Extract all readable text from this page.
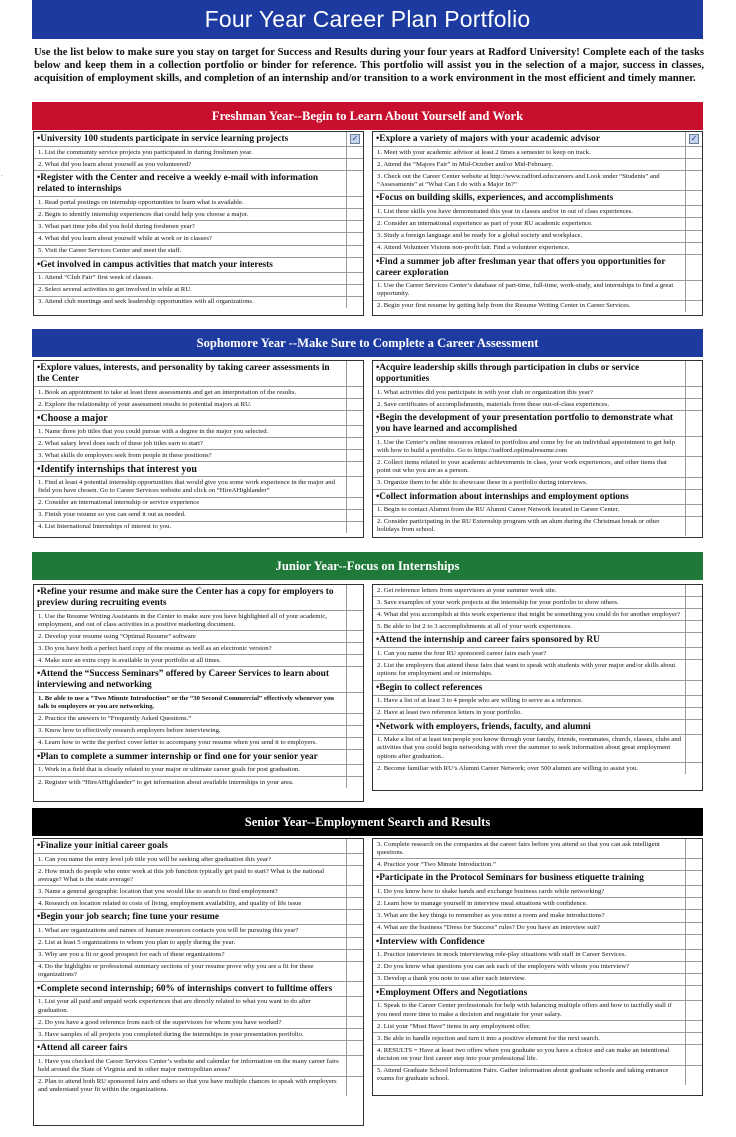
Four Year Career Plan Portfolio
Use the list below to make sure you stay on target for Success and Results during your four years at Radford University! Complete each of the tasks below and keep them in a collection portfolio or binder for reference. This portfolio will assist you in the selection of a major, success in classes, acquisition of employment skills, and completion of an internship and/or transition to a work environment in the most efficient and timely manner.
·
Freshman Year--Begin to Learn About Yourself and Work
•University 100 students participate in service learning projects	✓
1. List the community service projects you participated in during freshmen year.
2. What did you learn about yourself as you volunteered?
•Register with the Center and receive a weekly e-mail with information related to internships
1. Read portal postings on internship opportunities to learn what is available.
2. Begin to identify internship experiences that could help you choose a major.
3. What part time jobs did you hold during freshmen year?
4. What did you learn about yourself while at work or in classes?
5. Visit the Career Services Center and meet the staff.
•Get involved in campus activities that match your interests
1. Attend “Club Fair” first week of classes.
2. Select several activities to get involved in while at RU.
3. Attend club meetings and seek leadership opportunities with all organizations.
•Explore a variety of majors with your academic advisor	✓
1. Meet with your academic advisor at least 2 times a semester to keep on track.
2. Attend the “Majors Fair” in Mid-October and/or Mid-February.
3. Check out the Career Center website at http://www.radford.edu/careers and Look under “Students” and “Assessments” at “What Can I do with a Major In?”
•Focus on building skills, experiences, and accomplishments
1. List three skills you have demonstrated this year in classes and/or in out of class experiences.
2. Consider an international experience as part of your RU academic experience.
3. Study a foreign language and be ready for a global society and workplace.
4. Attend Volunteer Visions non-profit fair. Find a volunteer experience.
•Find a summer job after freshman year that offers you opportunities for career exploration
1. Use the Career Services Center’s database of part-time, full-time, work-study, and internships to find a great opportunity.
2. Begin your first resume by getting help from the Resume Writing Center in Career Services.
Sophomore Year --Make Sure to Complete a Career Assessment
•Explore values, interests, and personality by taking career assessments in the Center
1. Book an appointment to take at least three assessments and get an interpretation of the results.
2. Explore the relationship of your assessment results to potential majors at RU.
•Choose a major
1. Name three job titles that you could pursue with a degree in the major you selected.
2. What salary level does each of these job titles earn to start?
3. What skills do employers seek from people in these positions?
•Identify internships that interest you
1. Find at least 4 potential internship opportunities that would give you some work experience in the major and field you have chosen. Go to Career Services website and click on “HireAHighlander”
2. Consider an international internship or service experience
3. Finish your resume so you can send it out as needed.
4. List International Internships of interest to you.
•Acquire leadership skills through participation in clubs or service opportunities
1. What activities did you participate in with your club or organization this year?
2. Save certificates of accomplishments, materials from these out-of-class experiences.
•Begin the development of your presentation portfolio to demonstrate what you have learned and accomplished
1. Use the Center’s online resources related to portfolios and come by for an individual appointment to get help with how to build a portfolio. Go to https://radford.optimalresume.com
2. Collect items related to your academic achievements in class, your work experiences, and other items that point out who you are as a person.
3. Organize them to be able to showcase these in a portfolio during interviews.
•Collect information about internships and employment options
1. Begin to contact Alumni from the RU Alumni Career Network located in Career Center.
2. Consider participating in the RU Externship program with an alum during the Christmas break or other holidays from school.
Junior Year--Focus on Internships
•Refine your resume and make sure the Center has a copy for employers to preview during recruiting events
1. Use the Resume Writing Assistants in the Center to make sure you have highlighted all of your academic, employment, and out of class activities in a positive marketing document.
2. Develop your resume using “Optimal Resume” software
3. Do you have both a perfect hard copy of the resume as well as an electronic version?
4. Make sure an extra copy is available in your portfolio at all times.
•Attend the “Success Seminars” offered by Career Services to learn about interviewing and networking
1. Be able to use a “Two Minute Introduction” or the “30 Second Commercial” effectively whenever you talk to employers or you are networking.
2. Practice the answers to “Frequently Asked Questions.”
3. Know how to effectively research employers before interviewing.
4. Learn how to write the perfect cover letter to accompany your resume when you send it to employers.
•Plan to complete a summer internship or find one for your senior year
1. Work in a field that is closely related to your major or ultimate career goals for post graduation.
2. Register with “HireAHighlander” to get information about available internships in your area.
2. Get reference letters from supervisors at your summer work site.
3. Save examples of your work projects at the internship for your portfolio to show others.
4. What did you accomplish at this work experience that might be something you could do for another employer?
5. Be able to list 2 to 3 accomplishments at all of your work experiences.
•Attend the internship and career fairs sponsored by RU
1. Can you name the four RU sponsored career fairs each year?
2. List the employers that attend these fairs that want to speak with students with your major and/or skills about options for employment and or internships.
•Begin to collect references
1. Have a list of at least 3 to 4 people who are willing to serve as a reference.
2. Have at least two reference letters in your portfolio.
•Network with employers, friends, faculty, and alumni
1. Make a list of at least ten people you know through your family, friends, roommates, church, classes, clubs and activities that you could begin networking with over the summer to seek information about great employment options after graduation..
2. Become familiar with RU’s Alumni Career Network; over 500 alumni are willing to assist you.
Senior Year--Employment Search and Results
•Finalize your initial career goals
1. Can you name the entry level job title you will be seeking after graduation this year?
2. How much do people who enter work at this job function typically get paid to start? What is the national average? What is the state average?
3. Name a general geographic location that you would like to search to find employment?
4. Research on location related to costs of living, employment availability, and quality of life issue
•Begin your job search; fine tune your resume
1. What are organizations and names of human resources contacts you will be pursuing this year?
2. List at least 5 organizations to whom you plan to apply during the year.
3. Why are you a fit or good prospect for each of these organizations?
4. Do the highlights or professional summary sections of your resume prove why you are a fit for these organizations?
•Complete second internship; 60% of internships convert to fulltime offers
1. List your all paid and unpaid work experiences that are directly related to what you want to do after graduation.
2. Do you have a good reference from each of the supervisors for whom you have worked?
3. Have samples of all projects you completed during the internships in your presentation portfolio.
•Attend all career fairs
1. Have you checked the Career Services Center’s website and calendar for information on the many career fairs held around the State of Virginia and in other major metropolitan areas?
2. Plan to attend both RU sponsored fairs and others so that you have multiple chances to speak with employers and understand your fit within the organizations.
3. Complete research on the companies at the career fairs before you attend so that you can ask intelligent questions.
4. Practice your “Two Minute Introduction.”
•Participate in the Protocol Seminars for business etiquette training
1. Do you know how to shake hands and exchange business cards while networking?
2. Learn how to manage yourself in interview meal situations with confidence.
3. What are the key things to remember as you enter a room and make introductions?
4. What are the business “Dress for Success” rules? Do you have an interview suit?
•Interview with Confidence
1. Practice interviews in mock interviewing role-play situations with staff in Career Services.
2. Do you know what questions you can ask each of the employers with whom you interview?
3. Develop a thank you note to use after each interview.
•Employment Offers and Negotiations
1. Speak to the Career Center professionals for help with balancing multiple offers and how to tactfully stall if you need more time to make a decision and negotiate for your salary.
2. List your “Must Have” items in any employment offer.
3. Be able to handle rejection and turn it into a positive element for the next search.
4. RESULTS = Have at least two offers when you graduate so you have a choice and can make an intentional decision on your first career step into your professional life.
5. Attend Graduate School Information Fairs. Gather information about graduate schools and taking entrance exams for graduate school.
